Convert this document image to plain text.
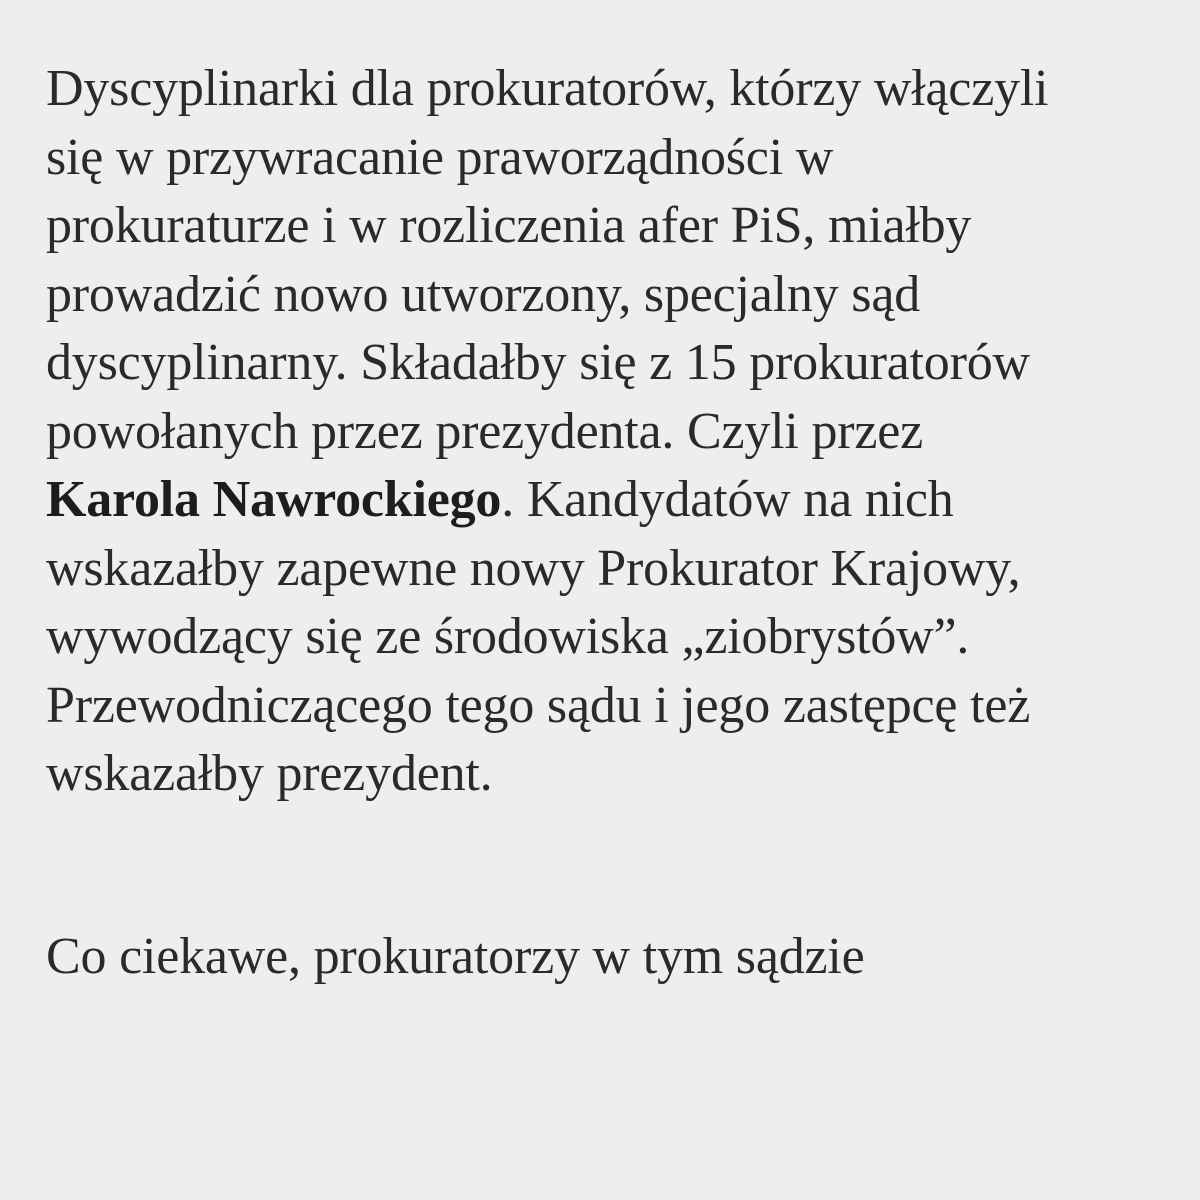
Dyscyplinarki dla prokuratorów, którzy włączyli
się w przywracanie praworządności w
prokuraturze i w rozliczenia afer PiS, miałby
prowadzić nowo utworzony, specjalny sąd
dyscyplinarny. Składałby się z 15 prokuratorów
powołanych przez prezydenta. Czyli przez
Karola Nawrockiego. Kandydatów na nich
wskazałby zapewne nowy Prokurator Krajowy,
wywodzący się ze środowiska „ziobrystów”.
Przewodniczącego tego sądu i jego zastępcę też
wskazałby prezydent.

Co ciekawe, prokuratorzy w tym sądzie
